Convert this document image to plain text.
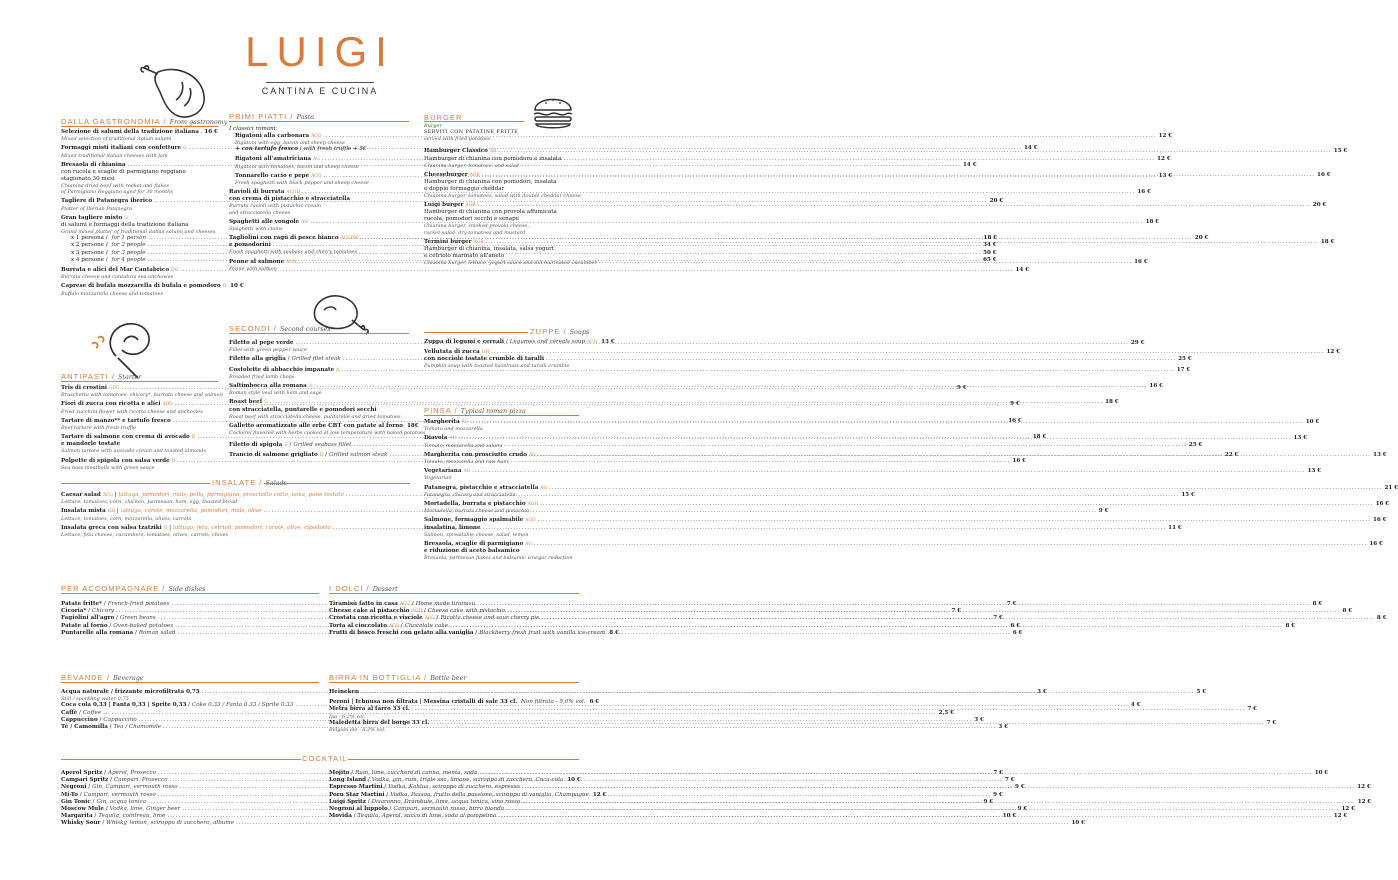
LUIGI
CANTINA E CUCINA
DALLA GASTRONOMIA / From gastronomy
Selezione di salumi della tradizione italiana ..... 16 €
Mixed selection of traditional italian salumi
Formaggi misti italiani con confetture G .....	14 €
Mixed traditional italian cheeses with jam
Bresaola di chianina .....	14 €
con rucola e scaglie di parmigiano reggiano
stagionato 30 mesi
Chianina dried beef with rocket and flakes
of Parmigiano Reggiano aged for 30 months
Tagliere di Patanegra iberico .....	20 €
Platter of Iberian Patanegra
Gran tagliere misto G
di salumi e formaggi della tradizione italiana
Grand mixed platter of traditional italian salumi and cheeses
x 1 persona / for 1 person .....	18 €
x 2 persone / for 2 people .....	34 €
x 3 persone / for 3 people .....	50 €
x 4 persone / for 4 people .....	65 €
Burrata e alici del Mar Cantabrico DG .....	14 €
Burrata cheese and cantabria sea anchovies
Caprese di bufala mozzarella di bufala e pomodoro G 10 €
Buffalo mozzarella cheese and tomatoes
ANTIPASTI / Starter
Tris di crostini GDG .....	9 €
Bruschetta with tomatoes, chicory*, burrata cheese and salmon
Fiori di zucca con ricotta e alici ADG .....	9 €
Fried zucchini flower with ricotta cheese and anchovies
Tartare di manzo** e tartufo fresco .....	16 €
Beef tartare with fresh truffle
Tartare di salmone con crema di avocado D .....	18 €
e mandorle tostate
Salmon tartare with avocado cream and toasted almonds
Polpette di spigola con salsa verde D .....	16 €
Sea bass meatballs with green sauce
PRIMI PIATTI / Pasta
I classici romani:
Rigatoni alla carbonara ACG .....	12 €
Rigatoni with egg, bacon and sheep cheese
+ con tartufo fresco / with fresh truffle + 5€
Rigatoni all'amatriciana AG .....	12 €
Rigatoni with tomatoes, bacon and sheep cheese
Tonnarello cacio e pepe ACG .....	13 €
Fresh spaghetti with black pepper and sheep cheese
Ravioli di burrata ACGD .....	16 €
con crema di pistacchio e stracciatella
Burrata ravioli with pistachio cream
and stracciatella cheese
Spaghetti alle vongole AN .....	18 €
Spaghetti with clams
Tagliolini con ragù di pesce bianco ACGDB .....	20 €
e pomodorini
Fresh spaghetti with seabass and cherry tomatoes
Penne al salmone AGN .....	16 €
Penne with salmon
SECONDI / Second courses
Filetto al pepe verde .....	29 €
Fillet with green pepper sauce
Filetto alla griglia / Grilled filet steak .....	25 €
Costolette di abbacchio impanate A .....	17 €
Breaded fried lamb chops
Saltimbocca alla romana A .....	16 €
Roman style veal with ham and sage
Roast beef G .....	18 €
con stracciatella, puntarelle e pomodori secchi
Roast beef with stracciatella cheese, puntarelle and dried tomatoes
Galletto aromatizzato alle erbe CBT con patate al forno 18€
Cockerel flavored with herbs cooked at low temperature with baked potatoes
Filetto di spigola D / Grilled seabass fillet .....	25 €
Trancio di salmone grigliato D / Grilled salmon steak .....	22 €
BURGER
Burger
SERVITI CON PATATINE FRITTE
served with fried potatoes
Hamburger Classico AB .....	15 €
Hamburger di chianina con pomodoro e insalata
Chianina burger, tomatoes, and salad
Cheeseburger AGB .....	16 €
Hamburger di chianina con pomodori, insalata
e doppio formaggio cheddar
Chianina burger, tomatoes, salad with double cheddar cheese
Luigi burger AGB .....	20 €
Hamburger di chianina con provola affumicata
rucola, pomodori secchi e senape
Chianina burger, smoked provola cheese,
rocket salad, dry tomatoes and mustard
Termini burger AGB .....	18 €
Hamburger di chianina, insalata, salsa yogurt
e cetriolo marinato all'aneto
Chianina burger, lettuce, yogurt sauce and dill marinated cucumber
ZUPPE / Soups
Zuppa di legumi e cereali / Legumes and cereals soup ACG 13 €
Vellutata di zucca GH .....	12 €
con nocciole tostate crumble di taralli
Pumpkin soup with toasted hazelnuts and taralli crumble
PINSA / Typical roman pizza
Margherita AG .....	10 €
Tomato and mozzarella
Diavola AG .....	13 €
Tomato, mozzarella and salami
Margherita con prosciutto crudo AG .....	13 €
Tomato, mozzarella and raw ham
Vegetariana AG .....	13 €
Vegetarian
Patanegra, pistacchio e stracciatella AG .....	21 €
Patanegra, chicory and stracciatella
Mortadella, burrata e pistacchio AGH .....	16 €
Mortadella, burrata cheese and pistachio
Salmone, formaggio spalmabile AGD .....	16 €
insalatina, limone
Salmon, spreadable cheese, salad, lemon
Bresaola, scaglie di parmigiano AG .....	16 €
e riduzione di aceto balsamico
Bresaola, parmesan flakes and balsamic vinegar reduction
INSALATE / Salads
Caesar salad ACG | lattuga, pomodori, mais, pollo, parmigiano, prosciutto cotto, uova, pane tostato .....	15 €
Lettuce, tomatoes, corn, chicken, parmesan, ham, egg, toasted bread
Insalata mista GH | lattuga, carote, mozzarella, pomodori, mais, olive .....	9 €
Lettuce, tomatoes, corn, mozzarella, olives, carrots
Insalata greca con salsa tzatziki G | lattuga, feta, cetrioli, pomodori, carote, olive, cipollotto .....	11 €
Lettuce, feta cheese, cucumbers, tomatoes, olives, carrots, chives
PER ACCOMPAGNARE / Side dishes
Patate fritte* / French-fried potatoes .....	7 €
Cicoria* / Chicory .....	7 €
Fagiolini all'agro / Green beans .....	7 €
Patate al forno / Oven-baked potatoes .....	6 €
Puntarelle alla romana / Roman salad .....	6 €
I DOLCI / Dessert
Tiramisù fatto in casa ACG / Home made tiramisu .....	8 €
Cheese cake al pistacchio AGH / Cheese cake with pistachio .....	8 €
Crostata con ricotta e visciole ACG / Ricotta cheese and sour cherry pie .....	8 €
Torta al cioccolato ACG / Chocolate cake .....	8 €
Frutti di bosco freschi con gelato alla vaniglia / Blackberry fresh fruit with vanilla ice-cream 8 €
BEVANDE / Beverage
Acqua naturale / frizzante microfiltrata 0,75 .....	3 €
Still / sparkling water 0.75
Coca cola 0,33 | Fanta 0,33 | Sprite 0,33 / Coke 0.33 / Fanta 0.33 / Sprite 0.33 .....	4 €
Caffè / Coffee .....	2,5 €
Cappuccino / Cappuccino .....	3 €
Tè / Camomilla / Tea / Chamomile .....	3 €
BIRRA IN BOTTIGLIA / Bottle beer
Heineken .....	5 €
Peroni | Ichnusa non filtrata | Messina cristalli di sale 33 cl.
Non filtrata - 5,0% vol. 6 €
Metra birra al farro 33 cl. .....	7 €
Ipa - 6,2% vol.
Maledetta birra del borgo 33 cl. .....	7 €
Belgian ale - 6,2% vol.
COCKTAIL
Aperol Spritz / Aperol, Prosecco .....	7 €
Campari Spritz / Campari, Prosecco .....	7 €
Negroni / Gin, Campari, vermouth rosso .....	9 €
Mi-To / Campari, vermouth rosso .....	9 €
Gin Tonic / Gin, acqua tonica .....	9 €
Moscow Mule / Vodka, lime, Ginger beer .....	9 €
Margarita / Tequila, cointreau, lime .....	10 €
Whisky Sour / Whisky, lemon, sciroppo di zucchero, albume .....	10 €
Mojito / Rum, lime, zucchero di canna, menta, soda .....	10 €
Long Island / Vodka, gin, rum, triple sec, limone, sciroppo di zucchero, Coca-cola 10 €
Espresso Martini / Vodka, Kahlua, sciroppo di zucchero, espresso .....	12 €
Porn Star Martini / Vodka, Passoa, frutto della passione, sciroppo di vaniglia, Champagne 12 €
Luigi Spritz / Disaronno, Drambuie, lime, acqua tonica, vino rosso .....	12 €
Negroni al luppolo / Campari, vermouth rosso, birra bionda .....	12 €
Movida / Tequila, Aperol, succo di lime, soda al pompelmo .....	12 €
